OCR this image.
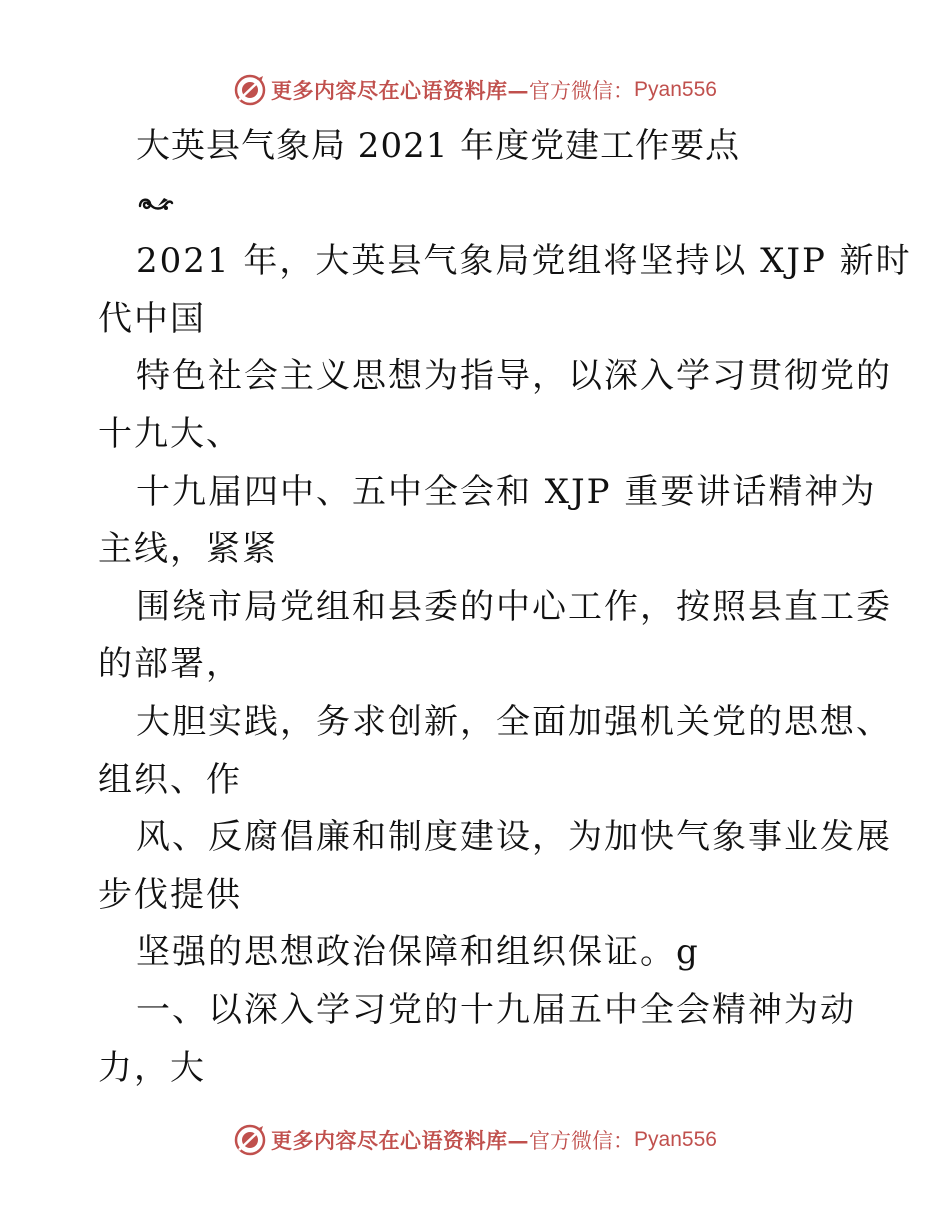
更多内容尽在心语资料库— 官方微信： Pyan556
大英县气象局 2021 年度党建工作要点
2021 年，大英县气象局党组将坚持以 XJP 新时
代中国
特色社会主义思想为指导，以深入学习贯彻党的
十九大、
十九届四中、五中全会和 XJP 重要讲话精神为
主线，紧紧
围绕市局党组和县委的中心工作，按照县直工委
的部署，
大胆实践，务求创新，全面加强机关党的思想、
组织、作
风、反腐倡廉和制度建设，为加快气象事业发展
步伐提供
坚强的思想政治保障和组织保证。g
一、以深入学习党的十九届五中全会精神为动
力，大
更多内容尽在心语资料库— 官方微信： Pyan556
